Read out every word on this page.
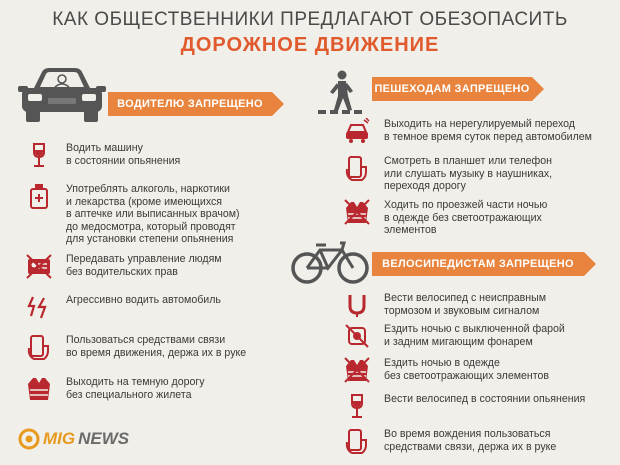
КАК ОБЩЕСТВЕННИКИ ПРЕДЛАГАЮТ ОБЕЗОПАСИТЬ
ДОРОЖНОЕ ДВИЖЕНИЕ
ВОДИТЕЛЮ ЗАПРЕЩЕНО
Водить машину
в состоянии опьянения
Употреблять алкоголь, наркотики
и лекарства (кроме имеющихся
в аптечке или выписанных врачом)
до медосмотра, который проводят
для установки степени опьянения
Передавать управление людям
без водительских прав
Агрессивно водить автомобиль
Пользоваться средствами связи
во время движения, держа их в руке
Выходить на темную дорогу
без специального жилета
ПЕШЕХОДАМ ЗАПРЕЩЕНО
Выходить на нерегулируемый переход
в темное время суток перед автомобилем
Смотреть в планшет или телефон
или слушать музыку в наушниках,
переходя дорогу
Ходить по проезжей части ночью
в одежде без светоотражающих
элементов
ВЕЛОСИПЕДИСТАМ ЗАПРЕЩЕНО
Вести велосипед с неисправным
тормозом и звуковым сигналом
Ездить ночью с выключенной фарой
и задним мигающим фонарем
Ездить ночью в одежде
без светоотражающих элементов
Вести велосипед в состоянии опьянения
Во время вождения пользоваться
средствами связи, держа их в руке
MIG NEWS
